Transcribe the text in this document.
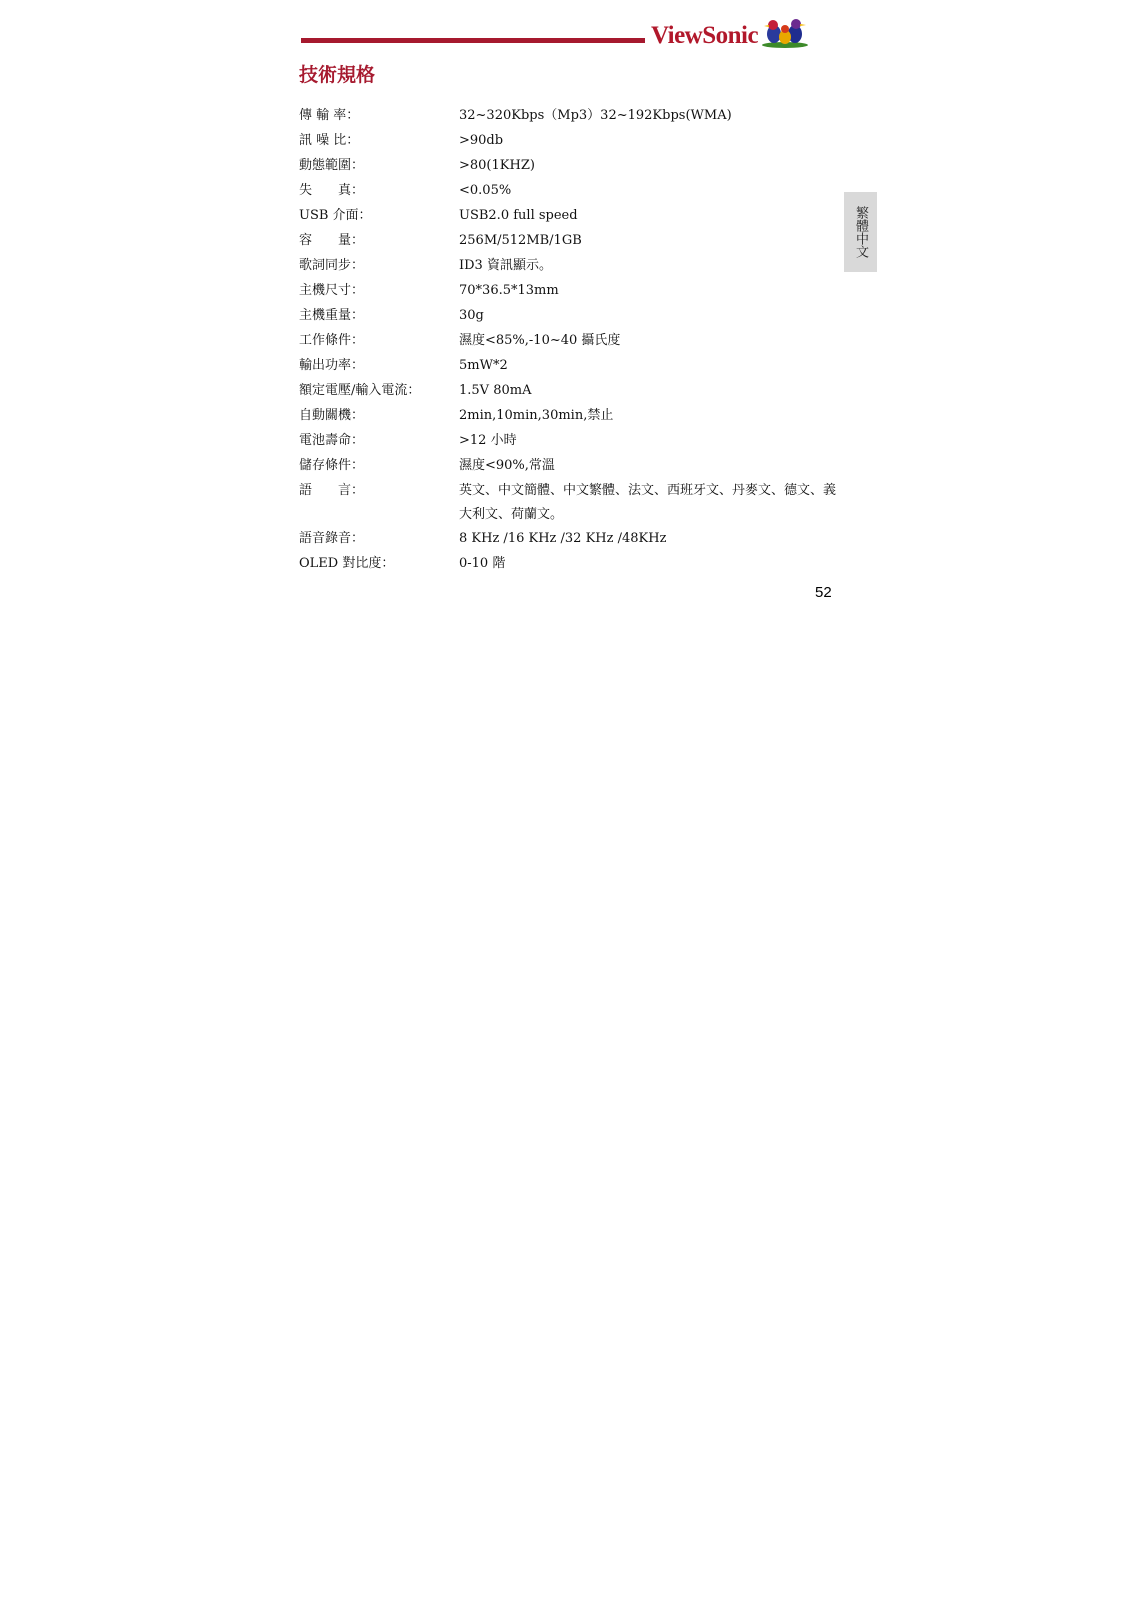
ViewSonic
技術規格
傳 輸 率：	32~320Kbps（Mp3）32~192Kbps(WMA)
訊 噪 比：	>90db
動態範圍：	>80(1KHZ)
失　　真：	<0.05%
USB 介面：	USB2.0 full speed
容　　量：	256M/512MB/1GB
歌詞同步：	ID3 資訊顯示。
主機尺寸：	70*36.5*13mm
主機重量：	30g
工作條件：	濕度<85%,-10~40 攝氏度
輸出功率：	5mW*2
額定電壓/輸入電流：	1.5V 80mA
自動關機：	2min,10min,30min,禁止
電池壽命：	>12 小時
儲存條件：	濕度<90%,常溫
語　　言：	英文、中文簡體、中文繁體、法文、西班牙文、丹麥文、德文、義大利文、荷蘭文。
語音錄音：	8 KHz /16 KHz /32 KHz /48KHz
OLED 對比度：	0-10 階
繁體中文
52
